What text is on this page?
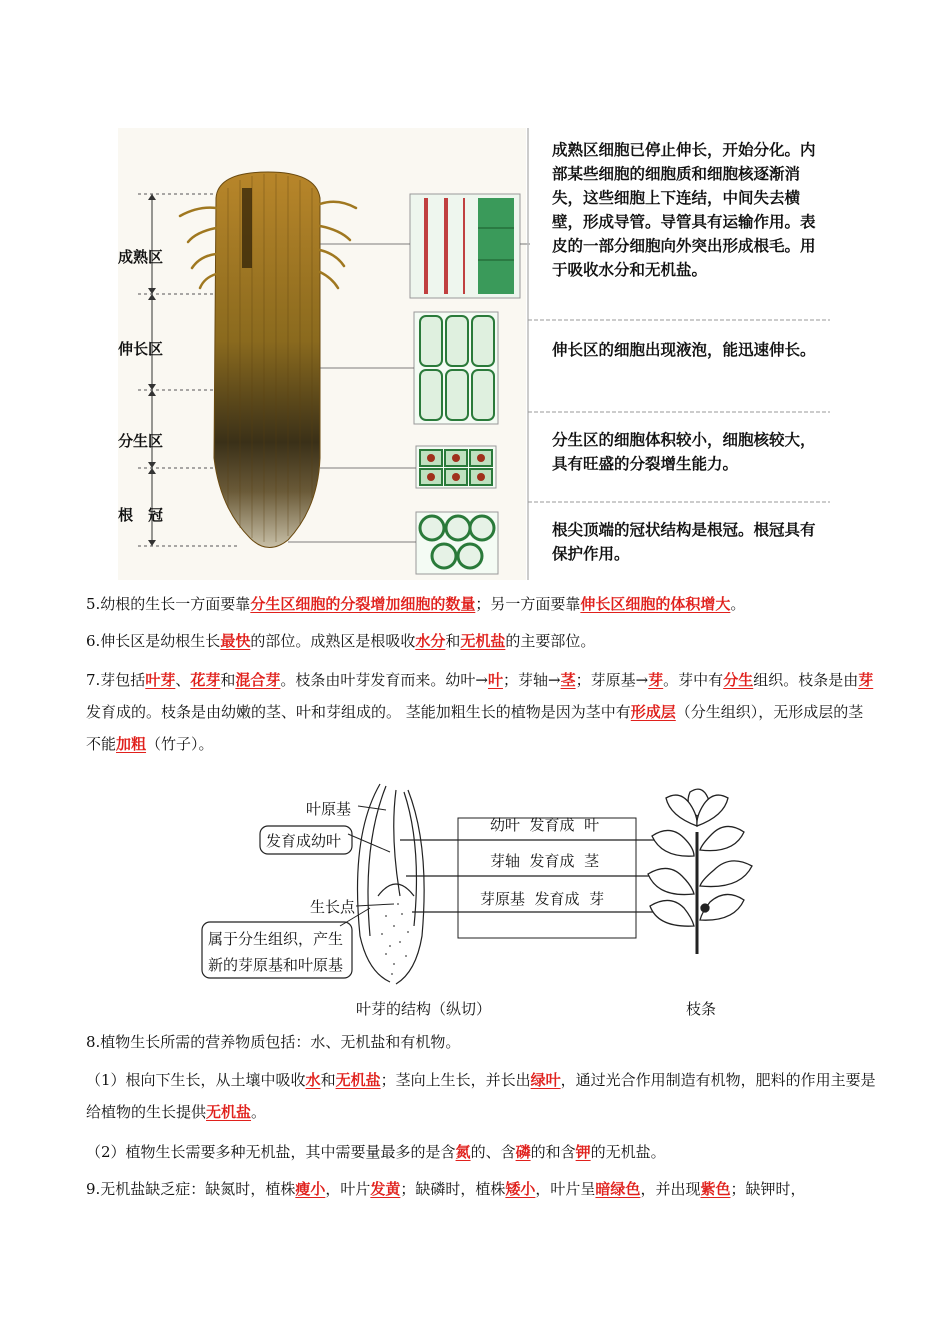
成熟区
伸长区
分生区
根　冠
成熟区细胞已停止伸长，开始分化。内部某些细胞的细胞质和细胞核逐渐消失，这些细胞上下连结，中间失去横壁，形成导管。导管具有运输作用。表皮的一部分细胞向外突出形成根毛。用于吸收水分和无机盐。
伸长区的细胞出现液泡，能迅速伸长。
分生区的细胞体积较小，细胞核较大，具有旺盛的分裂增生能力。
根尖顶端的冠状结构是根冠。根冠具有保护作用。
5.幼根的生长一方面要靠分生区细胞的分裂增加细胞的数量；另一方面要靠伸长区细胞的体积增大。
6.伸长区是幼根生长最快的部位。成熟区是根吸收水分和无机盐的主要部位。
7.芽包括叶芽、花芽和混合芽。枝条由叶芽发育而来。幼叶→叶；芽轴→茎；芽原基→芽。芽中有分生组织。枝条是由芽发育成的。枝条是由幼嫩的茎、叶和芽组成的。 茎能加粗生长的植物是因为茎中有形成层（分生组织），无形成层的茎不能加粗（竹子）。
叶原基
发育成幼叶
生长点
属于分生组织，产生
新的芽原基和叶原基
幼叶  发育成  叶
芽轴  发育成  茎
芽原基  发育成  芽
叶芽的结构（纵切）	枝条
8.植物生长所需的营养物质包括：水、无机盐和有机物。
（1）根向下生长，从土壤中吸收水和无机盐；茎向上生长，并长出绿叶，通过光合作用制造有机物，肥料的作用主要是给植物的生长提供无机盐。
（2）植物生长需要多种无机盐，其中需要量最多的是含氮的、含磷的和含钾的无机盐。
9.无机盐缺乏症：缺氮时，植株瘦小，叶片发黄；缺磷时，植株矮小，叶片呈暗绿色，并出现紫色；缺钾时，
